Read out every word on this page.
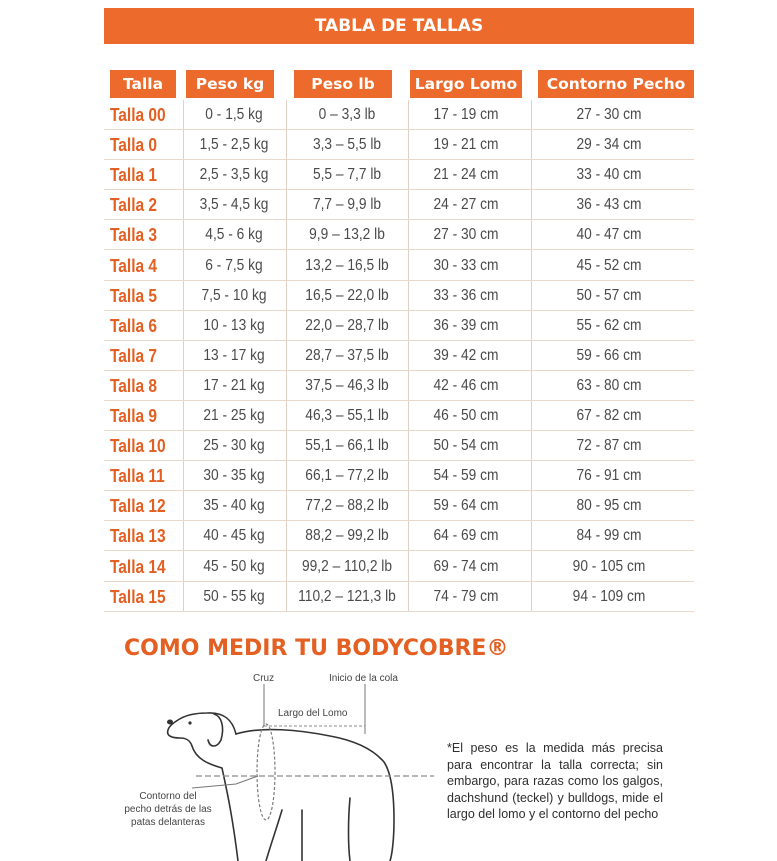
TABLA DE TALLAS
Talla	Peso kg	Peso lb	Largo Lomo	Contorno Pecho
Talla 00	0 - 1,5 kg	0 – 3,3 lb	17 - 19 cm	27 - 30 cm
Talla 0	1,5 - 2,5 kg	3,3 – 5,5 lb	19 - 21 cm	29 - 34 cm
Talla 1	2,5 - 3,5 kg	5,5 – 7,7 lb	21 - 24 cm	33 - 40 cm
Talla 2	3,5 - 4,5 kg	7,7 – 9,9 lb	24 - 27 cm	36 - 43 cm
Talla 3	4,5 - 6 kg	9,9 – 13,2 lb	27 - 30 cm	40 - 47 cm
Talla 4	6 - 7,5 kg	13,2 – 16,5 lb	30 - 33 cm	45 - 52 cm
Talla 5	7,5 - 10 kg	16,5 – 22,0 lb	33 - 36 cm	50 - 57 cm
Talla 6	10 - 13 kg	22,0 – 28,7 lb	36 - 39 cm	55 - 62 cm
Talla 7	13 - 17 kg	28,7 – 37,5 lb	39 - 42 cm	59 - 66 cm
Talla 8	17 - 21 kg	37,5 – 46,3 lb	42 - 46 cm	63 - 80 cm
Talla 9	21 - 25 kg	46,3 – 55,1 lb	46 - 50 cm	67 - 82 cm
Talla 10	25 - 30 kg	55,1 – 66,1 lb	50 - 54 cm	72 - 87 cm
Talla 11	30 - 35 kg	66,1 – 77,2 lb	54 - 59 cm	76 - 91 cm
Talla 12	35 - 40 kg	77,2 – 88,2 lb	59 - 64 cm	80 - 95 cm
Talla 13	40 - 45 kg	88,2 – 99,2 lb	64 - 69 cm	84 - 99 cm
Talla 14	45 - 50 kg	99,2 – 110,2 lb	69 - 74 cm	90 - 105 cm
Talla 15	50 - 55 kg	110,2 – 121,3 lb	74 - 79 cm	94 - 109 cm
COMO MEDIR TU BODYCOBRE®
Cruz	Inicio de la cola
Largo del Lomo
Contorno del
pecho detrás de las
patas delanteras
*El peso es la medida más precisa para encontrar la talla correcta; sin embargo, para razas como los galgos, dachshund (teckel) y bulldogs, mide el largo del lomo y el contorno del pecho
